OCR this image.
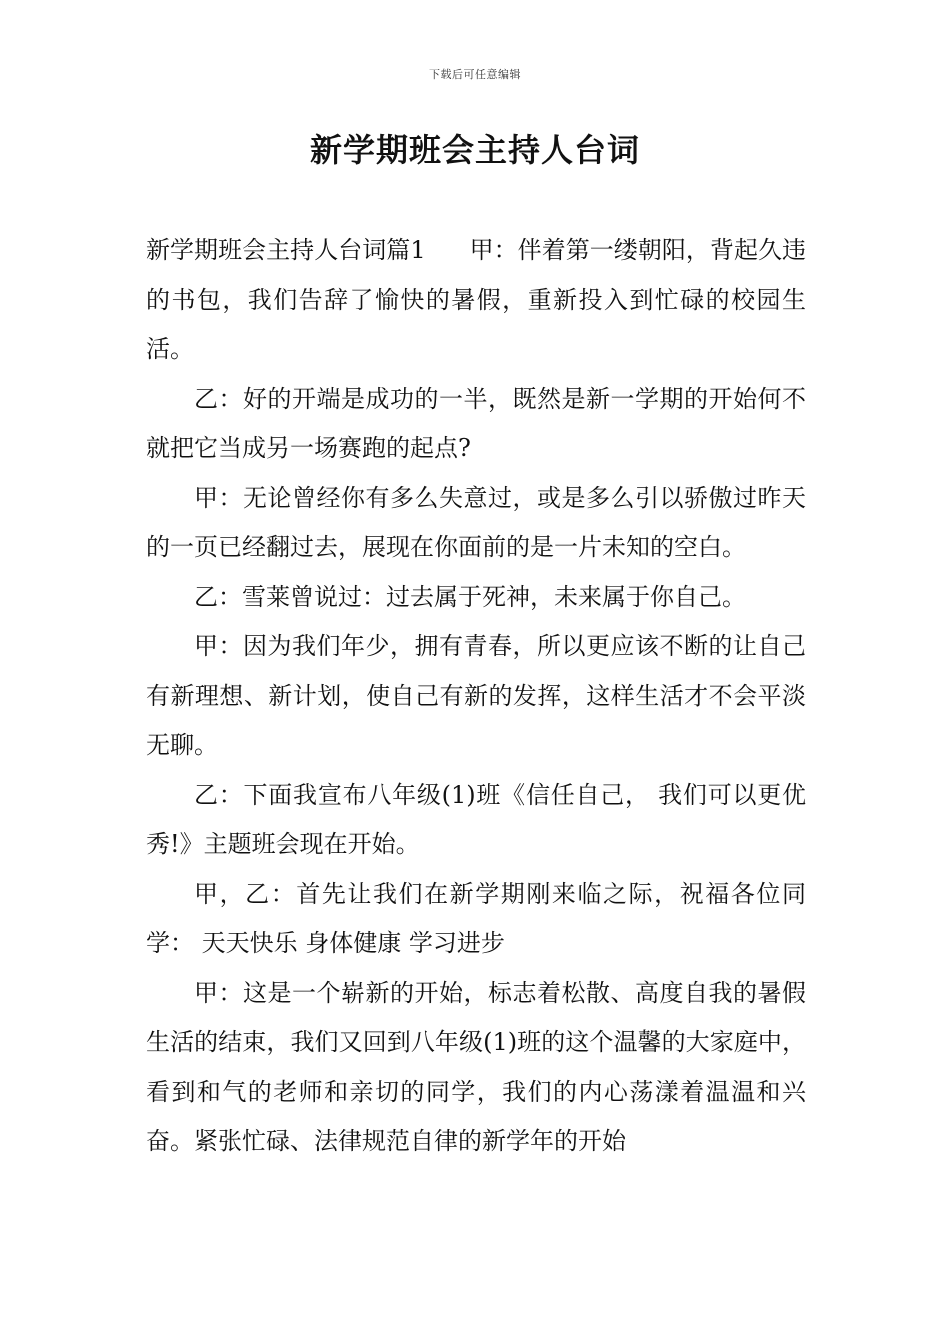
下载后可任意编辑
新学期班会主持人台词

新学期班会主持人台词篇1 甲：伴着第一缕朝阳，背起久违的书包，我们告辞了愉快的暑假，重新投入到忙碌的校园生活。

乙：好的开端是成功的一半，既然是新一学期的开始何不就把它当成另一场赛跑的起点?

甲：无论曾经你有多么失意过，或是多么引以骄傲过昨天的一页已经翻过去，展现在你面前的是一片未知的空白。

乙：雪莱曾说过：过去属于死神，未来属于你自己。

甲：因为我们年少，拥有青春，所以更应该不断的让自己有新理想、新计划，使自己有新的发挥，这样生活才不会平淡无聊。

乙：下面我宣布八年级(1)班《信任自己， 我们可以更优秀!》主题班会现在开始。

甲，乙：首先让我们在新学期刚来临之际，祝福各位同学： 天天快乐 身体健康 学习进步

甲：这是一个崭新的开始，标志着松散、高度自我的暑假生活的结束，我们又回到八年级(1)班的这个温馨的大家庭中，看到和气的老师和亲切的同学，我们的内心荡漾着温温和兴奋。紧张忙碌、法律规范自律的新学年的开始
